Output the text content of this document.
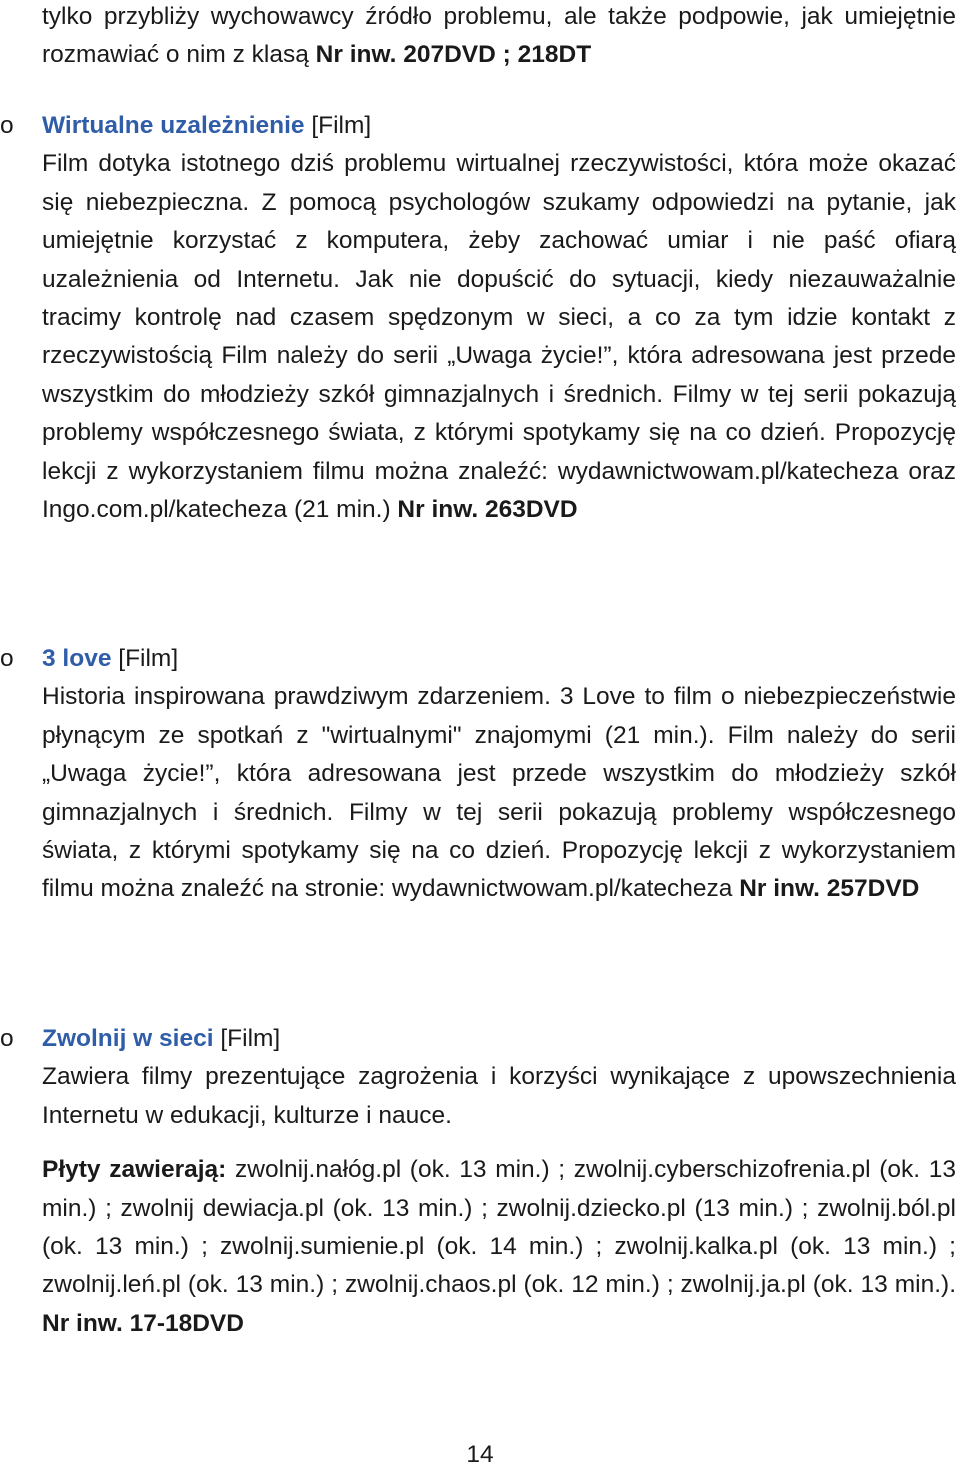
tylko przybliży wychowawcy źródło problemu, ale także podpowie, jak umiejętnie rozmawiać o nim z klasą Nr inw. 207DVD ; 218DT

o	Wirtualne uzależnienie [Film]

Film dotyka istotnego dziś problemu wirtualnej rzeczywistości, która może okazać się niebezpieczna. Z pomocą psychologów szukamy odpowiedzi na pytanie, jak umiejętnie korzystać z komputera, żeby zachować umiar i nie paść ofiarą uzależnienia od Internetu. Jak nie dopuścić do sytuacji, kiedy niezauważalnie tracimy kontrolę nad czasem spędzonym w sieci, a co za tym idzie kontakt z rzeczywistością Film należy do serii „Uwaga życie!”, która adresowana jest przede wszystkim do młodzieży szkół gimnazjalnych i średnich. Filmy w tej serii pokazują problemy współczesnego świata, z którymi spotykamy się na co dzień. Propozycję lekcji z wykorzystaniem filmu można znaleźć: wydawnictwowam.pl/katecheza oraz Ingo.com.pl/katecheza (21 min.) Nr inw. 263DVD

o	3 love [Film]

Historia inspirowana prawdziwym zdarzeniem. 3 Love to film o niebezpieczeństwie płynącym ze spotkań z "wirtualnymi" znajomymi (21 min.). Film należy do serii „Uwaga życie!”, która adresowana jest przede wszystkim do młodzieży szkół gimnazjalnych i średnich. Filmy w tej serii pokazują problemy współczesnego świata, z którymi spotykamy się na co dzień. Propozycję lekcji z wykorzystaniem filmu można znaleźć na stronie: wydawnictwowam.pl/katecheza Nr inw. 257DVD

o	Zwolnij w sieci [Film]

Zawiera filmy prezentujące zagrożenia i korzyści wynikające z upowszechnienia Internetu w edukacji, kulturze i nauce.

Płyty zawierają: zwolnij.nałóg.pl (ok. 13 min.) ; zwolnij.cyberschizofrenia.pl (ok. 13 min.) ; zwolnij dewiacja.pl (ok. 13 min.) ; zwolnij.dziecko.pl (13 min.) ; zwolnij.ból.pl (ok. 13 min.) ; zwolnij.sumienie.pl (ok. 14 min.) ; zwolnij.kalka.pl (ok. 13 min.) ; zwolnij.leń.pl (ok. 13 min.) ; zwolnij.chaos.pl (ok. 12 min.) ; zwolnij.ja.pl (ok. 13 min.). Nr inw. 17-18DVD

14
